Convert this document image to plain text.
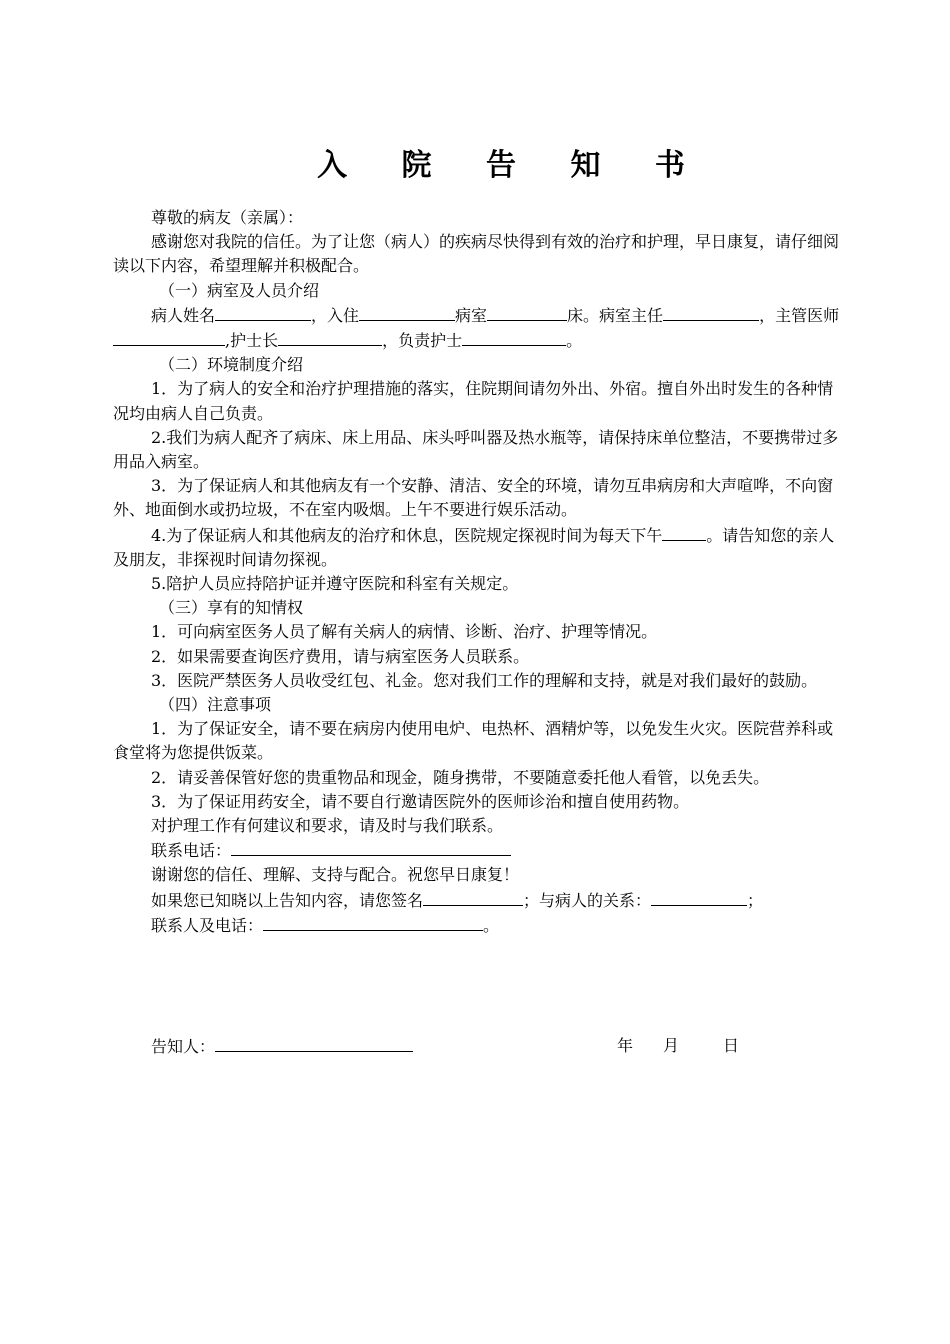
入 院 告 知 书

尊敬的病友（亲属）：

感谢您对我院的信任。为了让您（病人）的疾病尽快得到有效的治疗和护理，早日康复，请仔细阅读以下内容，希望理解并积极配合。

（一）病室及人员介绍

病人姓名	，入住	病室	床。病室主任	，主管医师,护士长	，负责护士	。

（二）环境制度介绍

1．为了病人的安全和治疗护理措施的落实，住院期间请勿外出、外宿。擅自外出时发生的各种情况均由病人自己负责。

2.我们为病人配齐了病床、床上用品、床头呼叫器及热水瓶等，请保持床单位整洁，不要携带过多用品入病室。

3．为了保证病人和其他病友有一个安静、清洁、安全的环境，请勿互串病房和大声喧哗，不向窗外、地面倒水或扔垃圾，不在室内吸烟。上午不要进行娱乐活动。

4.为了保证病人和其他病友的治疗和休息，医院规定探视时间为每天下午	。请告知您的亲人及朋友，非探视时间请勿探视。

5.陪护人员应持陪护证并遵守医院和科室有关规定。

（三）享有的知情权

1．可向病室医务人员了解有关病人的病情、诊断、治疗、护理等情况。

2．如果需要查询医疗费用，请与病室医务人员联系。

3．医院严禁医务人员收受红包、礼金。您对我们工作的理解和支持，就是对我们最好的鼓励。

（四）注意事项

1．为了保证安全，请不要在病房内使用电炉、电热杯、酒精炉等，以免发生火灾。医院营养科或食堂将为您提供饭菜。

2．请妥善保管好您的贵重物品和现金，随身携带，不要随意委托他人看管，以免丢失。

3．为了保证用药安全，请不要自行邀请医院外的医师诊治和擅自使用药物。

对护理工作有何建议和要求，请及时与我们联系。

联系电话：

谢谢您的信任、理解、支持与配合。祝您早日康复！

如果您已知晓以上告知内容，请您签名	；与病人的关系：	；

联系人及电话：	。

告知人：	年 月	日
